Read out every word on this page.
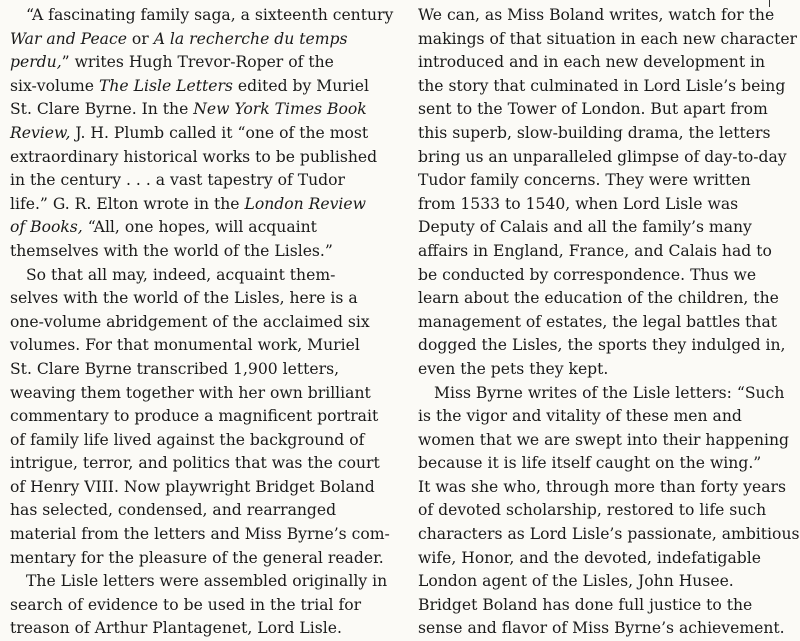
“A fascinating family saga, a sixteenth century
War and Peace or A la recherche du temps
perdu,” writes Hugh Trevor-Roper of the
six-volume The Lisle Letters edited by Muriel
St. Clare Byrne. In the New York Times Book
Review, J. H. Plumb called it “one of the most
extraordinary historical works to be published
in the century . . . a vast tapestry of Tudor
life.” G. R. Elton wrote in the London Review
of Books, “All, one hopes, will acquaint
themselves with the world of the Lisles.”
So that all may, indeed, acquaint them-
selves with the world of the Lisles, here is a
one-volume abridgement of the acclaimed six
volumes. For that monumental work, Muriel
St. Clare Byrne transcribed 1,900 letters,
weaving them together with her own brilliant
commentary to produce a magnificent portrait
of family life lived against the background of
intrigue, terror, and politics that was the court
of Henry VIII. Now playwright Bridget Boland
has selected, condensed, and rearranged
material from the letters and Miss Byrne’s com-
mentary for the pleasure of the general reader.
The Lisle letters were assembled originally in
search of evidence to be used in the trial for
treason of Arthur Plantagenet, Lord Lisle.
We can, as Miss Boland writes, watch for the
makings of that situation in each new character
introduced and in each new development in
the story that culminated in Lord Lisle’s being
sent to the Tower of London. But apart from
this superb, slow-building drama, the letters
bring us an unparalleled glimpse of day-to-day
Tudor family concerns. They were written
from 1533 to 1540, when Lord Lisle was
Deputy of Calais and all the family’s many
affairs in England, France, and Calais had to
be conducted by correspondence. Thus we
learn about the education of the children, the
management of estates, the legal battles that
dogged the Lisles, the sports they indulged in,
even the pets they kept.
Miss Byrne writes of the Lisle letters: “Such
is the vigor and vitality of these men and
women that we are swept into their happening
because it is life itself caught on the wing.”
It was she who, through more than forty years
of devoted scholarship, restored to life such
characters as Lord Lisle’s passionate, ambitious
wife, Honor, and the devoted, indefatigable
London agent of the Lisles, John Husee.
Bridget Boland has done full justice to the
sense and flavor of Miss Byrne’s achievement.
